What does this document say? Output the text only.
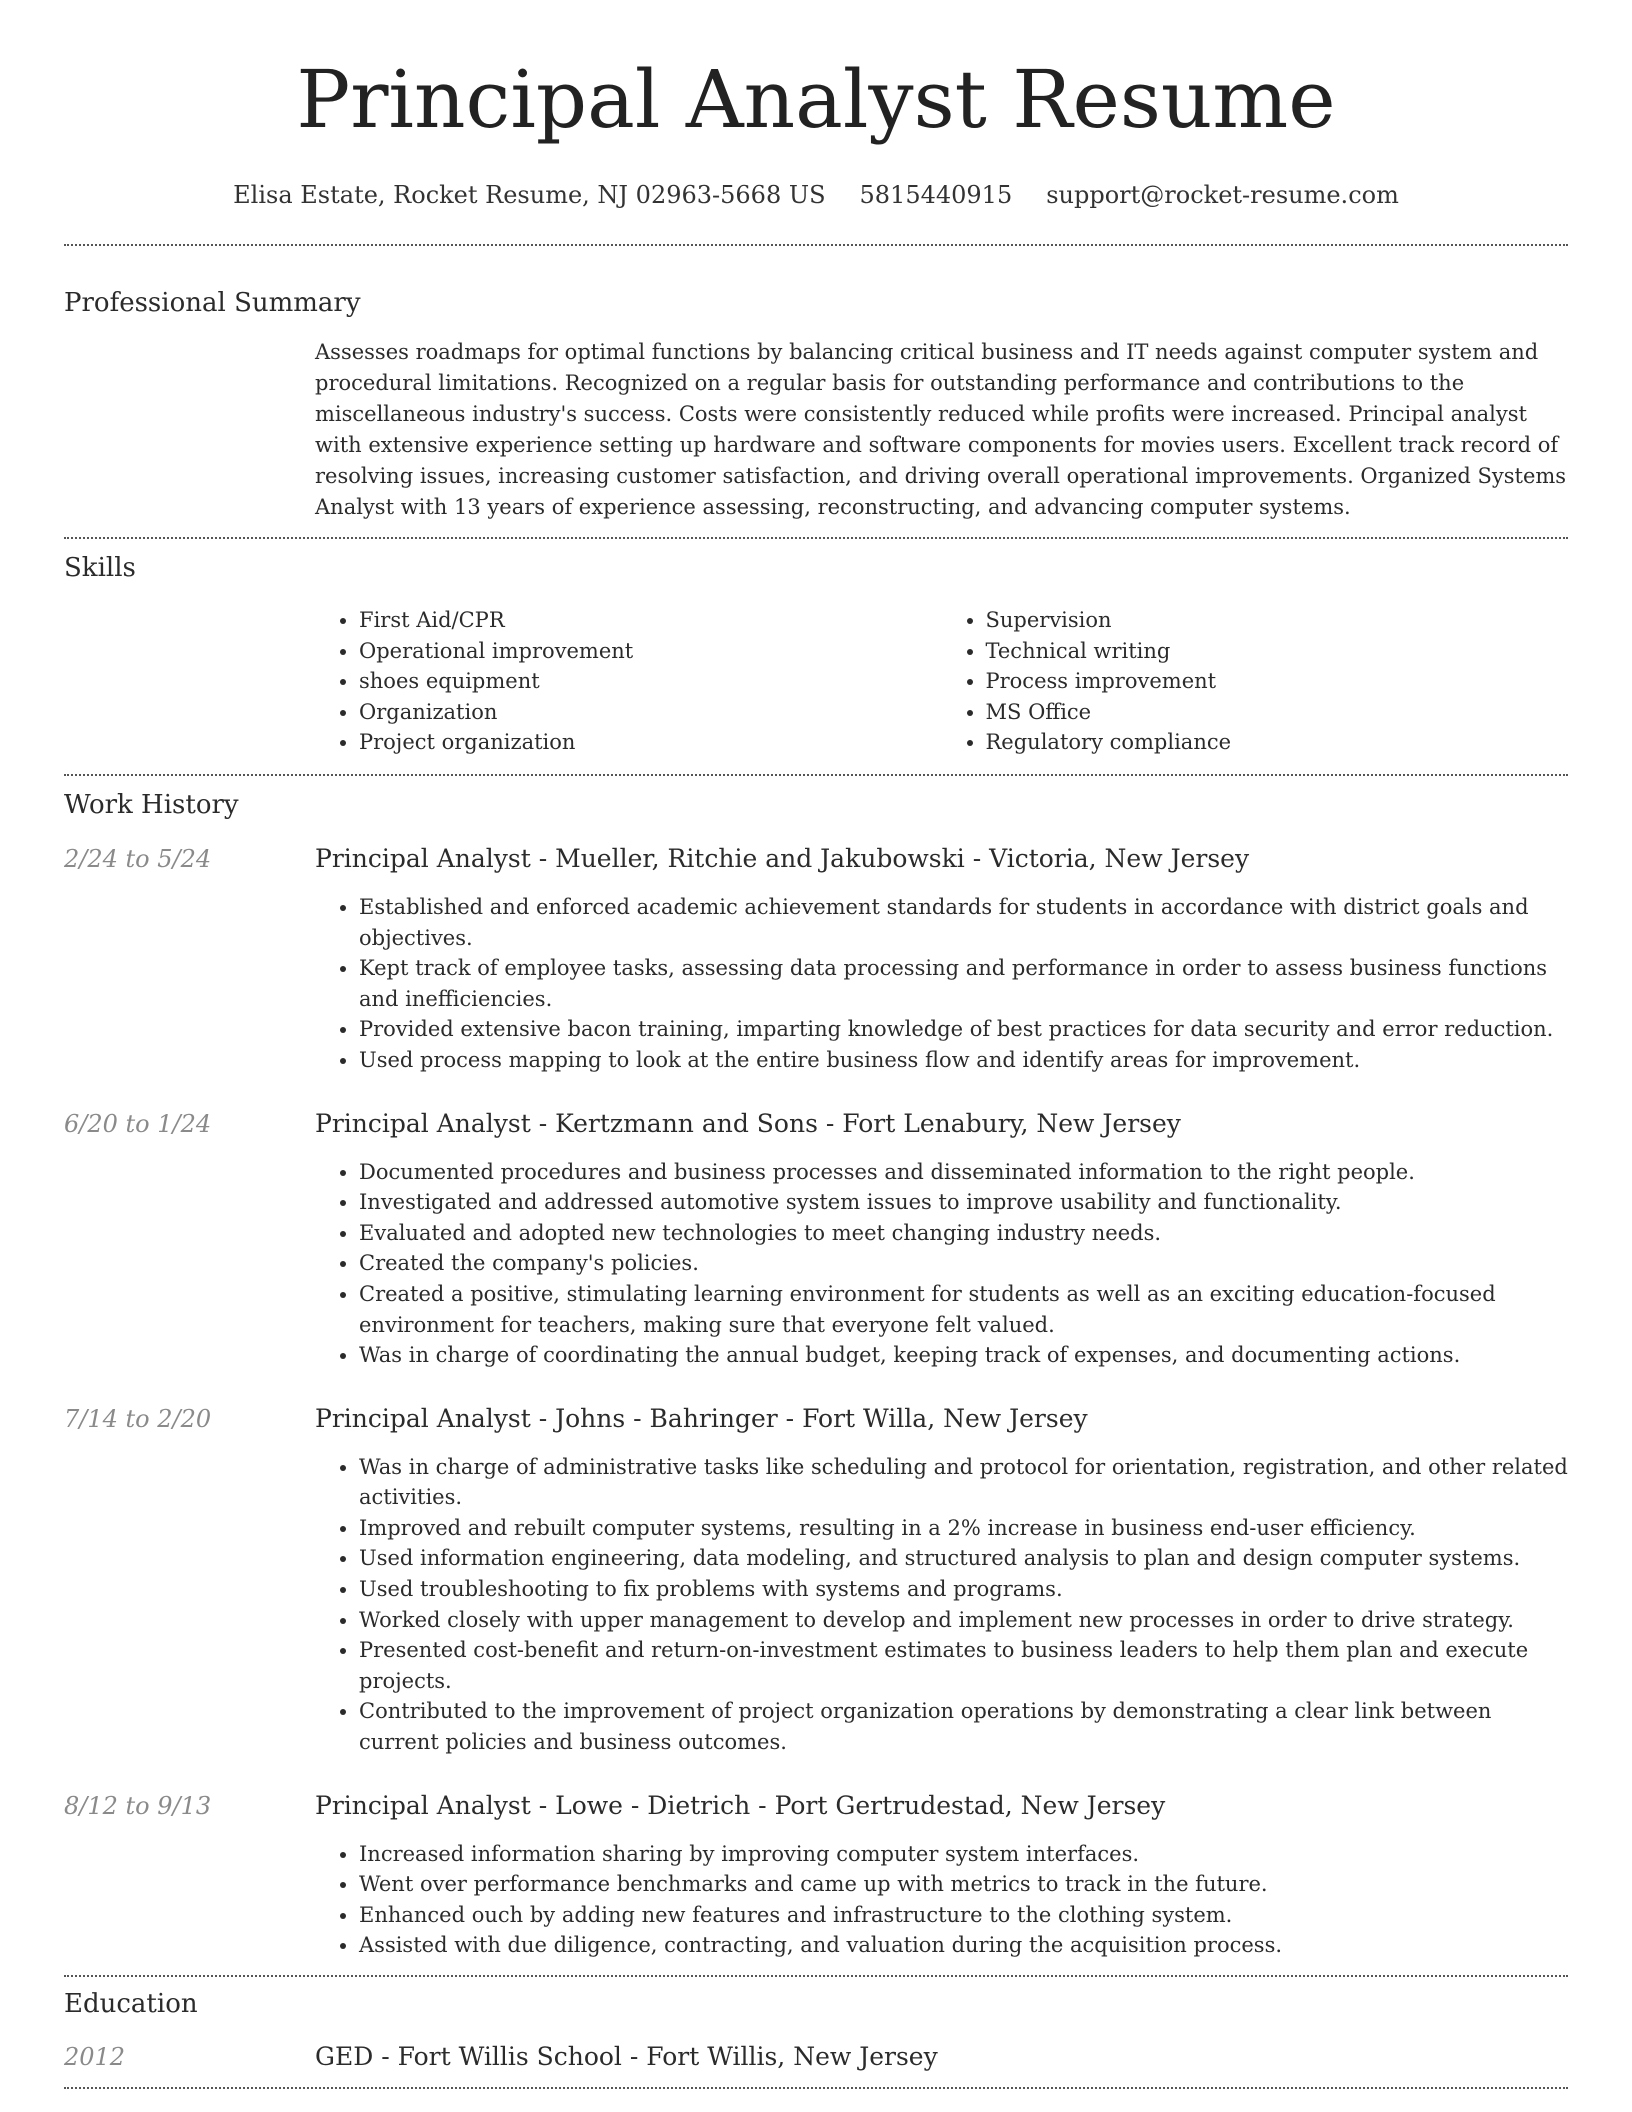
Principal Analyst Resume
Elisa Estate, Rocket Resume, NJ 02963-5668 US 5815440915 support@rocket-resume.com
Professional Summary

Assesses roadmaps for optimal functions by balancing critical business and IT needs against computer system and procedural limitations. Recognized on a regular basis for outstanding performance and contributions to the miscellaneous industry's success. Costs were consistently reduced while profits were increased. Principal analyst with extensive experience setting up hardware and software components for movies users. Excellent track record of resolving issues, increasing customer satisfaction, and driving overall operational improvements. Organized Systems Analyst with 13 years of experience assessing, reconstructing, and advancing computer systems.

Skills
• First Aid/CPR
• Operational improvement
• shoes equipment
• Organization
• Project organization
• Supervision
• Technical writing
• Process improvement
• MS Office
• Regulatory compliance
Work History
2/24 to 5/24	Principal Analyst - Mueller, Ritchie and Jakubowski - Victoria, New Jersey
• Established and enforced academic achievement standards for students in accordance with district goals and objectives.
• Kept track of employee tasks, assessing data processing and performance in order to assess business functions and inefficiencies.
• Provided extensive bacon training, imparting knowledge of best practices for data security and error reduction.
• Used process mapping to look at the entire business flow and identify areas for improvement.
6/20 to 1/24	Principal Analyst - Kertzmann and Sons - Fort Lenabury, New Jersey
• Documented procedures and business processes and disseminated information to the right people.
• Investigated and addressed automotive system issues to improve usability and functionality.
• Evaluated and adopted new technologies to meet changing industry needs.
• Created the company's policies.
• Created a positive, stimulating learning environment for students as well as an exciting education-focused environment for teachers, making sure that everyone felt valued.
• Was in charge of coordinating the annual budget, keeping track of expenses, and documenting actions.
7/14 to 2/20	Principal Analyst - Johns - Bahringer - Fort Willa, New Jersey
• Was in charge of administrative tasks like scheduling and protocol for orientation, registration, and other related activities.
• Improved and rebuilt computer systems, resulting in a 2% increase in business end-user efficiency.
• Used information engineering, data modeling, and structured analysis to plan and design computer systems.
• Used troubleshooting to fix problems with systems and programs.
• Worked closely with upper management to develop and implement new processes in order to drive strategy.
• Presented cost-benefit and return-on-investment estimates to business leaders to help them plan and execute projects.
• Contributed to the improvement of project organization operations by demonstrating a clear link between current policies and business outcomes.
8/12 to 9/13	Principal Analyst - Lowe - Dietrich - Port Gertrudestad, New Jersey
• Increased information sharing by improving computer system interfaces.
• Went over performance benchmarks and came up with metrics to track in the future.
• Enhanced ouch by adding new features and infrastructure to the clothing system.
• Assisted with due diligence, contracting, and valuation during the acquisition process.
Education
2012	GED - Fort Willis School - Fort Willis, New Jersey
